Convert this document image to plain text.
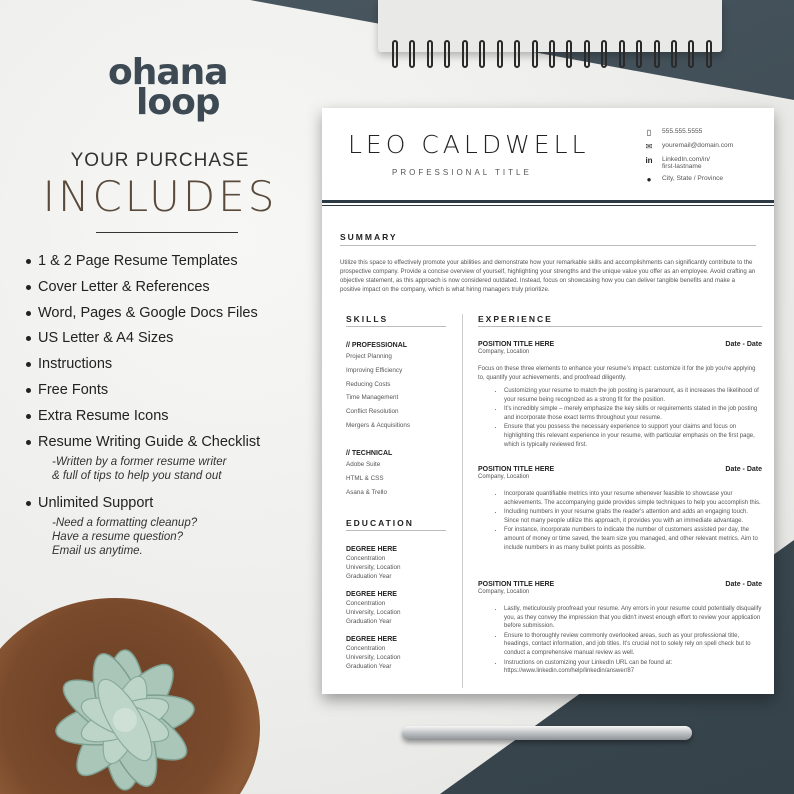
ohana
loop
YOUR PURCHASE
INCLUDES
1 & 2 Page Resume Templates
Cover Letter & References
Word, Pages & Google Docs Files
US Letter & A4 Sizes
Instructions
Free Fonts
Extra Resume Icons
Resume Writing Guide & Checklist
Unlimited Support
-Written by a former resume writer
& full of tips to help you stand out
-Need a formatting cleanup?
Have a resume question?
Email us anytime.
LEO CALDWELL
PROFESSIONAL TITLE
▯	555.555.5555
✉ youremail@domain.com
in LinkedIn.com/in/
first-lastname
●	City, State / Province
SUMMARY
Utilize this space to effectively promote your abilities and demonstrate how your remarkable skills and accomplishments can significantly contribute to the prospective company. Provide a concise overview of yourself, highlighting your strengths and the unique value you offer as an employee. Avoid crafting an objective statement, as this approach is now considered outdated. Instead, focus on showcasing how you can deliver tangible benefits and make a positive impact on the company, which is what hiring managers truly prioritize.
SKILLS
// PROFESSIONAL
Project Planning
Improving Efficiency
Reducing Costs
Time Management
Conflict Resolution
Mergers & Acquisitions
// TECHNICAL
Adobe Suite
HTML & CSS
Asana & Trello
EDUCATION
DEGREE HERE
Concentration
University, Location
Graduation Year
DEGREE HERE
Concentration
University, Location
Graduation Year
DEGREE HERE
Concentration
University, Location
Graduation Year
EXPERIENCE
POSITION TITLE HERE	Date - Date
Company, Location
Focus on these three elements to enhance your resume's impact: customize it for the job you're applying to, quantify your achievements, and proofread diligently.
• Customizing your resume to match the job posting is paramount, as it increases the likelihood of your resume being recognized as a strong fit for the position.
• It's incredibly simple – merely emphasize the key skills or requirements stated in the job posting and incorporate those exact terms throughout your resume.
• Ensure that you possess the necessary experience to support your claims and focus on highlighting this relevant experience in your resume, with particular emphasis on the first page, which is typically reviewed first.
POSITION TITLE HERE	Date - Date
Company, Location
• Incorporate quantifiable metrics into your resume whenever feasible to showcase your achievements. The accompanying guide provides simple techniques to help you accomplish this.
• Including numbers in your resume grabs the reader's attention and adds an engaging touch. Since not many people utilize this approach, it provides you with an immediate advantage.
• For instance, incorporate numbers to indicate the number of customers assisted per day, the amount of money or time saved, the team size you managed, and other relevant metrics. Aim to include numbers in as many bullet points as possible.
POSITION TITLE HERE	Date - Date
Company, Location
• Lastly, meticulously proofread your resume. Any errors in your resume could potentially disqualify you, as they convey the impression that you didn't invest enough effort to review your application before submission.
• Ensure to thoroughly review commonly overlooked areas, such as your professional title, headings, contact information, and job titles. It's crucial not to solely rely on spell check but to conduct a comprehensive manual review as well.
• Instructions on customizing your LinkedIn URL can be found at: https://www.linkedin.com/help/linkedin/answer/87
